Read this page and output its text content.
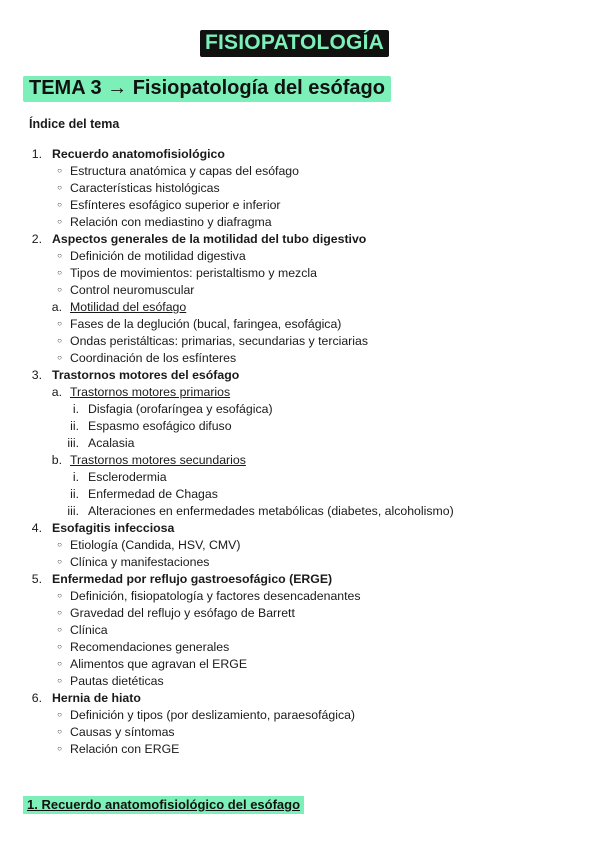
FISIOPATOLOGÍA
TEMA 3 → Fisiopatología del esófago
Índice del tema
1. Recuerdo anatomofisiológico
○ Estructura anatómica y capas del esófago
○ Características histológicas
○ Esfínteres esofágico superior e inferior
○ Relación con mediastino y diafragma
2. Aspectos generales de la motilidad del tubo digestivo
○ Definición de motilidad digestiva
○ Tipos de movimientos: peristaltismo y mezcla
○ Control neuromuscular
a. Motilidad del esófago
○ Fases de la deglución (bucal, faringea, esofágica)
○ Ondas peristálticas: primarias, secundarias y terciarias
○ Coordinación de los esfínteres
3. Trastornos motores del esófago
a. Trastornos motores primarios
i. Disfagia (orofaríngea y esofágica)
ii. Espasmo esofágico difuso
iii. Acalasia
b. Trastornos motores secundarios
i. Esclerodermia
ii. Enfermedad de Chagas
iii. Alteraciones en enfermedades metabólicas (diabetes, alcoholismo)
4. Esofagitis infecciosa
○ Etiología (Candida, HSV, CMV)
○ Clínica y manifestaciones
5. Enfermedad por reflujo gastroesofágico (ERGE)
○ Definición, fisiopatología y factores desencadenantes
○ Gravedad del reflujo y esófago de Barrett
○ Clínica
○ Recomendaciones generales
○ Alimentos que agravan el ERGE
○ Pautas dietéticas
6. Hernia de hiato
○ Definición y tipos (por deslizamiento, paraesofágica)
○ Causas y síntomas
○ Relación con ERGE
1. Recuerdo anatomofisiológico del esófago
